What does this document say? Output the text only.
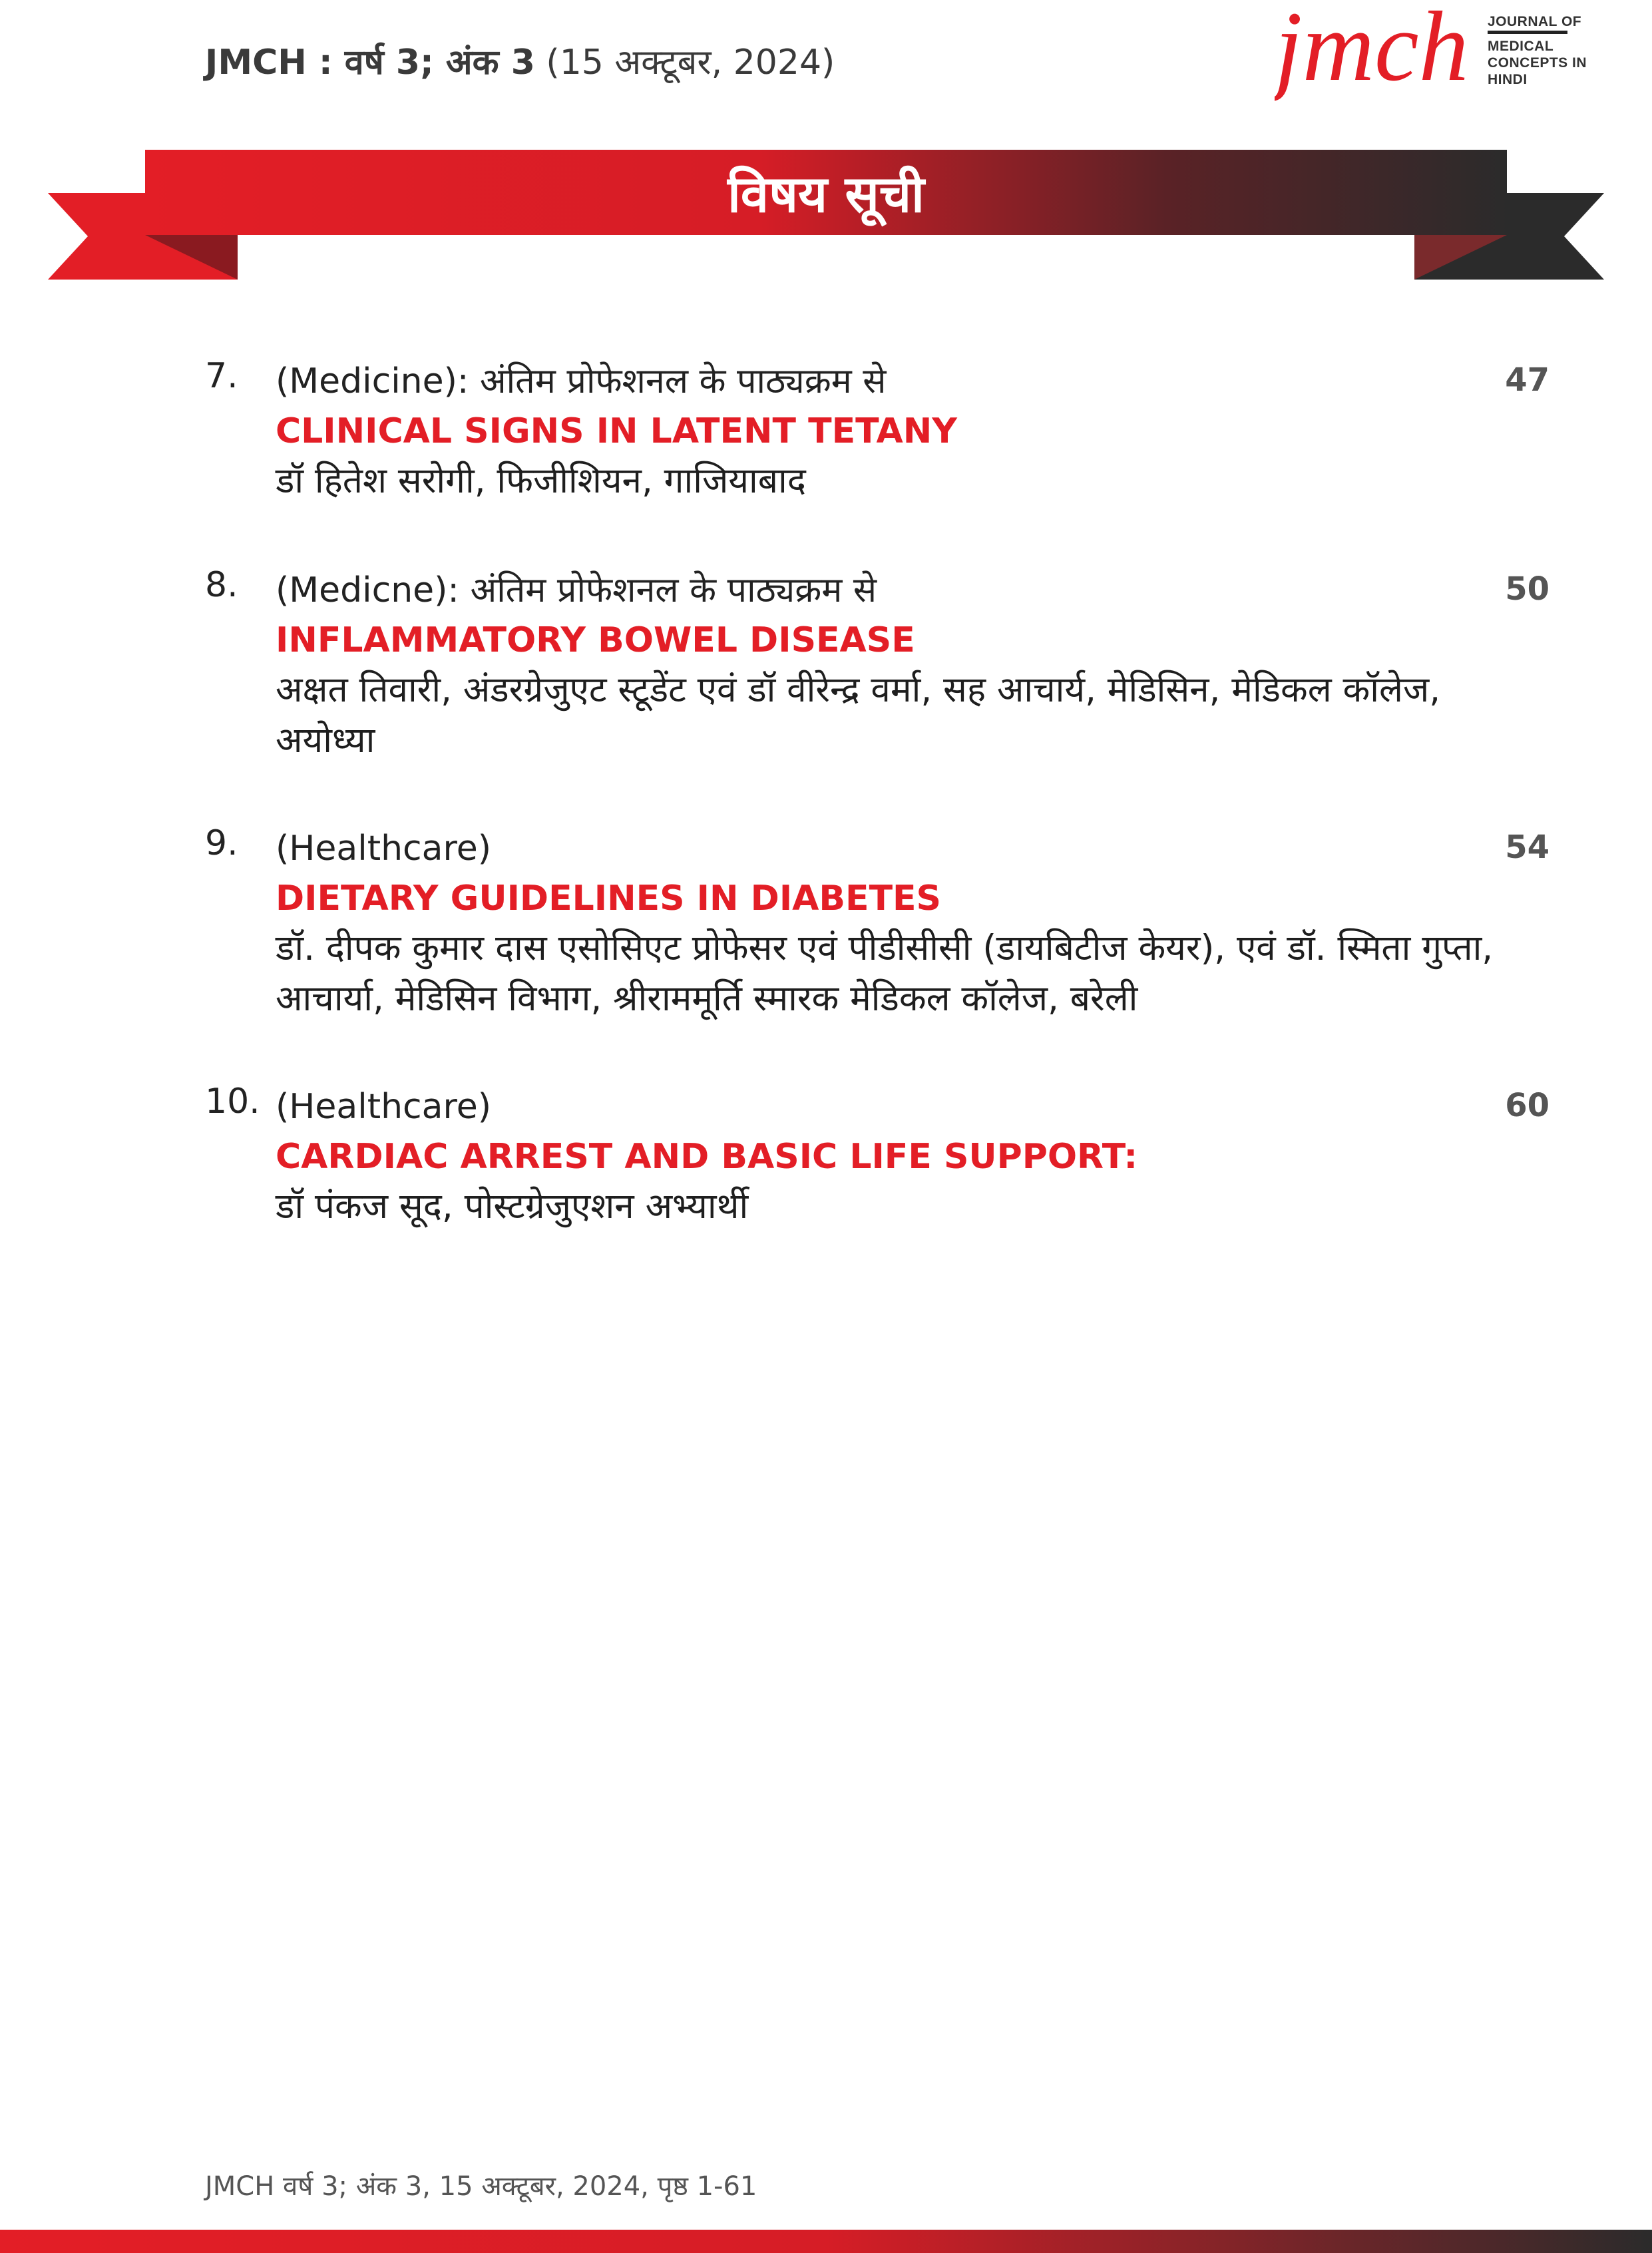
JMCH : वर्ष 3; अंक 3 (15 अक्टूबर, 2024)	jmch JOURNAL OF
MEDICAL
CONCEPTS IN
HINDI
विषय सूची
7. (Medicine): अंतिम प्रोफेशनल के पाठ्यक्रम से
CLINICAL SIGNS IN LATENT TETANY
डॉ हितेश सरोगी, फिजीशियन, गाजियाबाद
47
8. (Medicne): अंतिम प्रोफेशनल के पाठ्यक्रम से
INFLAMMATORY BOWEL DISEASE
अक्षत तिवारी, अंडरग्रेजुएट स्टूडेंट एवं डॉ वीरेन्द्र वर्मा, सह आचार्य, मेडिसिन, मेडिकल कॉलेज, अयोध्या
50
9. (Healthcare)
DIETARY GUIDELINES IN DIABETES
डॉ. दीपक कुमार दास एसोसिएट प्रोफेसर एवं पीडीसीसी (डायबिटीज केयर), एवं डॉ. स्मिता गुप्ता, आचार्या, मेडिसिन विभाग, श्रीराममूर्ति स्मारक मेडिकल कॉलेज, बरेली
54
10. (Healthcare)
CARDIAC ARREST AND BASIC LIFE SUPPORT:
डॉ पंकज सूद, पोस्टग्रेजुएशन अभ्यार्थी
60
JMCH वर्ष 3; अंक 3, 15 अक्टूबर, 2024, पृष्ठ 1-61
